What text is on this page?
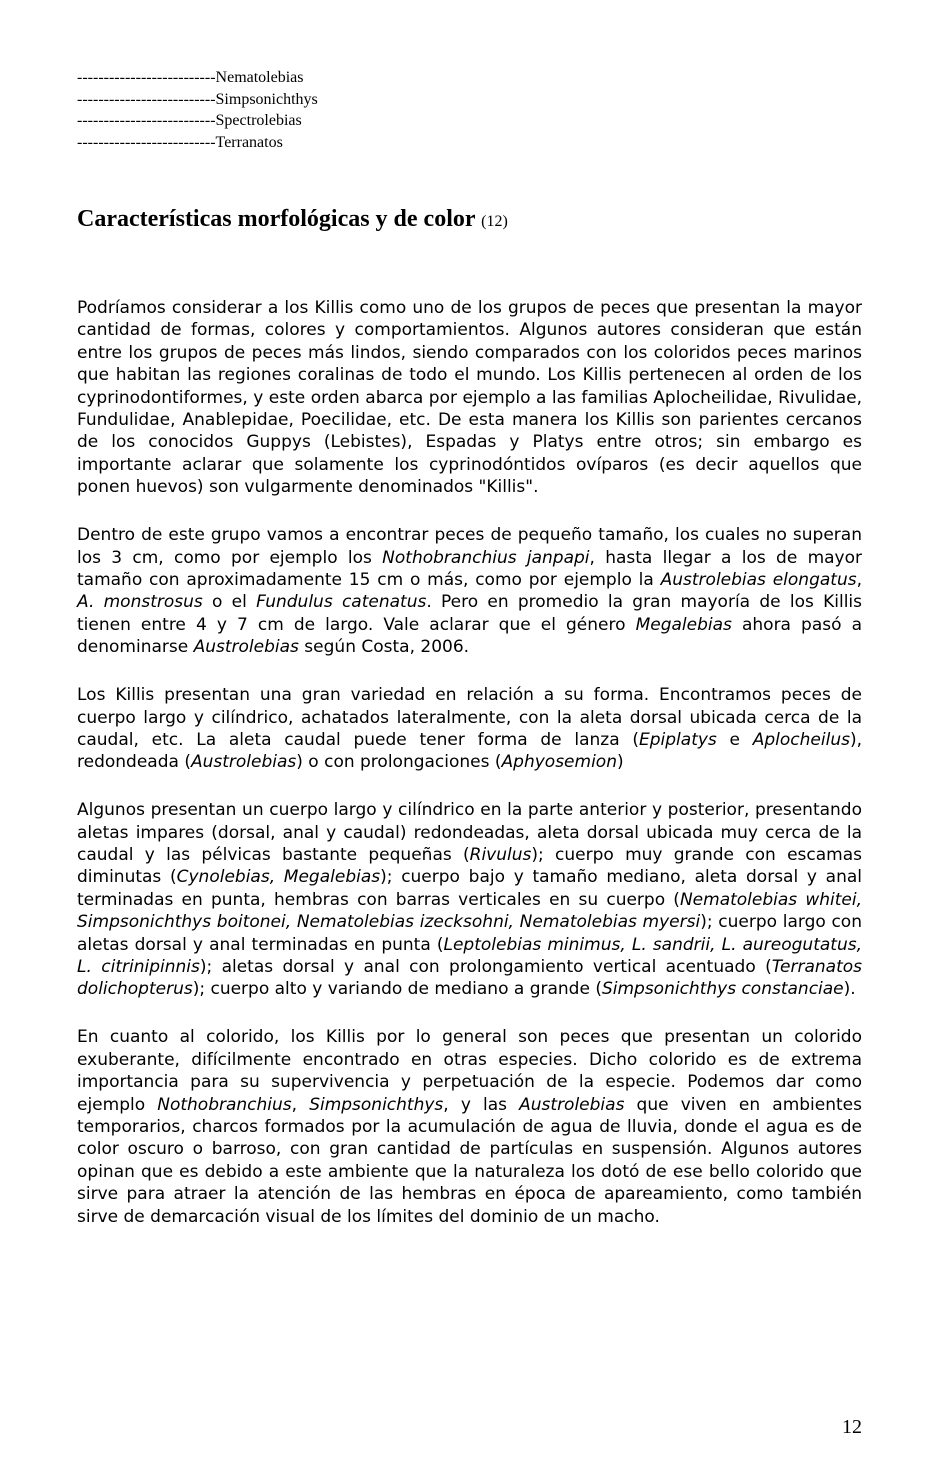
--------------------------Nematolebias
--------------------------Simpsonichthys
--------------------------Spectrolebias
--------------------------Terranatos
Características morfológicas y de color (12)

Podríamos considerar a los Killis como uno de los grupos de peces que presentan la mayor cantidad de formas, colores y comportamientos. Algunos autores consideran que están entre los grupos de peces más lindos, siendo comparados con los coloridos peces marinos que habitan las regiones coralinas de todo el mundo. Los Killis pertenecen al orden de los cyprinodontiformes, y este orden abarca por ejemplo a las familias Aplocheilidae, Rivulidae, Fundulidae, Anablepidae, Poecilidae, etc. De esta manera los Killis son parientes cercanos de los conocidos Guppys (Lebistes), Espadas y Platys entre otros; sin embargo es importante aclarar que solamente los cyprinodóntidos ovíparos (es decir aquellos que ponen huevos) son vulgarmente denominados "Killis".

Dentro de este grupo vamos a encontrar peces de pequeño tamaño, los cuales no superan los 3 cm, como por ejemplo los Nothobranchius janpapi, hasta llegar a los de mayor tamaño con aproximadamente 15 cm o más, como por ejemplo la Austrolebias elongatus, A. monstrosus o el Fundulus catenatus. Pero en promedio la gran mayoría de los Killis tienen entre 4 y 7 cm de largo. Vale aclarar que el género Megalebias ahora pasó a denominarse Austrolebias según Costa, 2006.

Los Killis presentan una gran variedad en relación a su forma. Encontramos peces de cuerpo largo y cilíndrico, achatados lateralmente, con la aleta dorsal ubicada cerca de la caudal, etc. La aleta caudal puede tener forma de lanza (Epiplatys e Aplocheilus), redondeada (Austrolebias) o con prolongaciones (Aphyosemion)

Algunos presentan un cuerpo largo y cilíndrico en la parte anterior y posterior, presentando aletas impares (dorsal, anal y caudal) redondeadas, aleta dorsal ubicada muy cerca de la caudal y las pélvicas bastante pequeñas (Rivulus); cuerpo muy grande con escamas diminutas (Cynolebias, Megalebias); cuerpo bajo y tamaño mediano, aleta dorsal y anal terminadas en punta, hembras con barras verticales en su cuerpo (Nematolebias whitei, Simpsonichthys boitonei, Nematolebias izecksohni, Nematolebias myersi); cuerpo largo con aletas dorsal y anal terminadas en punta (Leptolebias minimus, L. sandrii, L. aureogutatus, L. citrinipinnis); aletas dorsal y anal con prolongamiento vertical acentuado (Terranatos dolichopterus); cuerpo alto y variando de mediano a grande (Simpsonichthys constanciae).

En cuanto al colorido, los Killis por lo general son peces que presentan un colorido exuberante, difícilmente encontrado en otras especies. Dicho colorido es de extrema importancia para su supervivencia y perpetuación de la especie. Podemos dar como ejemplo Nothobranchius, Simpsonichthys, y las Austrolebias que viven en ambientes temporarios, charcos formados por la acumulación de agua de lluvia, donde el agua es de color oscuro o barroso, con gran cantidad de partículas en suspensión. Algunos autores opinan que es debido a este ambiente que la naturaleza los dotó de ese bello colorido que sirve para atraer la atención de las hembras en época de apareamiento, como también sirve de demarcación visual de los límites del dominio de un macho.

12
